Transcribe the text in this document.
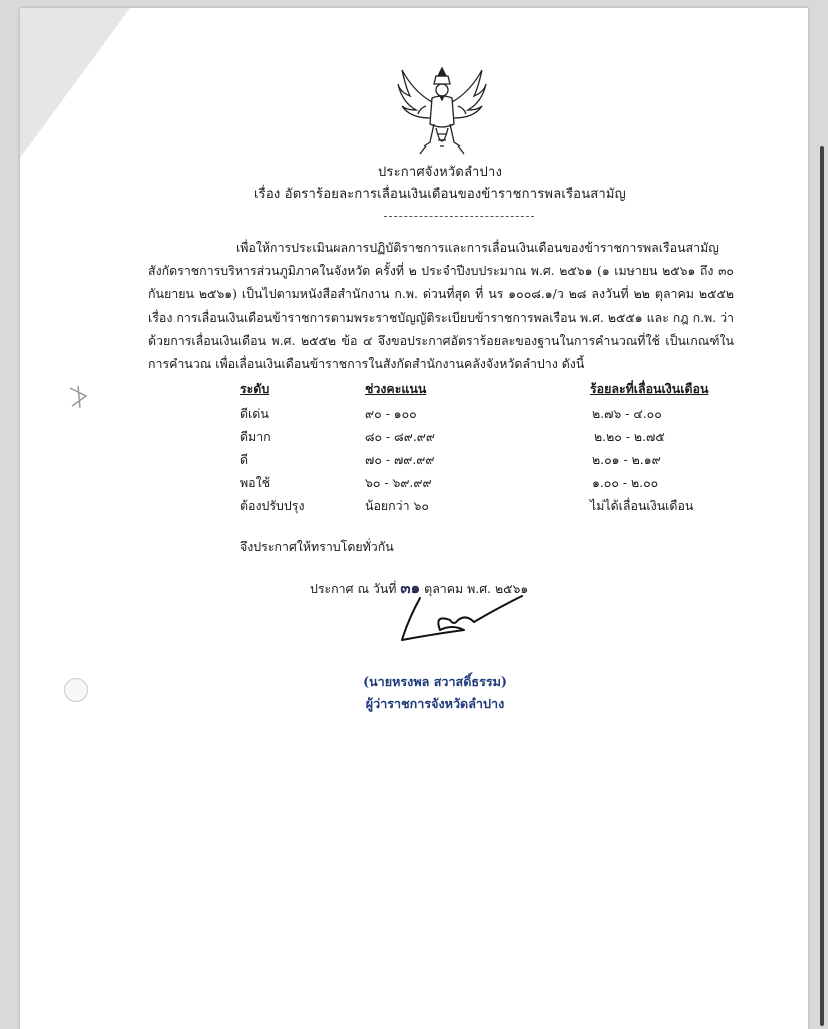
ประกาศจังหวัดลำปาง
เรื่อง อัตราร้อยละการเลื่อนเงินเดือนของข้าราชการพลเรือนสามัญ
เพื่อให้การประเมินผลการปฏิบัติราชการและการเลื่อนเงินเดือนของข้าราชการพลเรือนสามัญ สังกัดราชการบริหารส่วนภูมิภาคในจังหวัด ครั้งที่ ๒ ประจำปีงบประมาณ พ.ศ. ๒๕๖๑ (๑ เมษายน ๒๕๖๑ ถึง ๓๐ กันยายน ๒๕๖๑) เป็นไปตามหนังสือสำนักงาน ก.พ. ด่วนที่สุด ที่ นร ๑๐๐๘.๑/ว ๒๘ ลงวันที่ ๒๒ ตุลาคม ๒๕๕๒ เรื่อง การเลื่อนเงินเดือนข้าราชการตามพระราชบัญญัติระเบียบข้าราชการพลเรือน พ.ศ. ๒๕๕๑ และ กฎ ก.พ. ว่าด้วยการเลื่อนเงินเดือน พ.ศ. ๒๕๕๒ ข้อ ๔ จึงขอประกาศอัตราร้อยละของฐานในการคำนวณที่ใช้ เป็นเกณฑ์ในการคำนวณ เพื่อเลื่อนเงินเดือนข้าราชการในสังกัดสำนักงานคลังจังหวัดลำปาง ดังนี้
ระดับ	ช่วงคะแนน	ร้อยละที่เลื่อนเงินเดือน
ดีเด่น	๙๐ - ๑๐๐	๒.๗๖ - ๔.๐๐
ดีมาก	๘๐ - ๘๙.๙๙	๒.๒๐ - ๒.๗๕
ดี	๗๐ - ๗๙.๙๙	๒.๐๑ - ๒.๑๙
พอใช้	๖๐ - ๖๙.๙๙	๑.๐๐ - ๒.๐๐
ต้องปรับปรุง	น้อยกว่า ๖๐	ไม่ได้เลื่อนเงินเดือน
จึงประกาศให้ทราบโดยทั่วกัน
ประกาศ ณ วันที่ ๓๑ ตุลาคม พ.ศ. ๒๕๖๑
(นายหรงพล สวาสดิ์ธรรม)
ผู้ว่าราชการจังหวัดลำปาง
